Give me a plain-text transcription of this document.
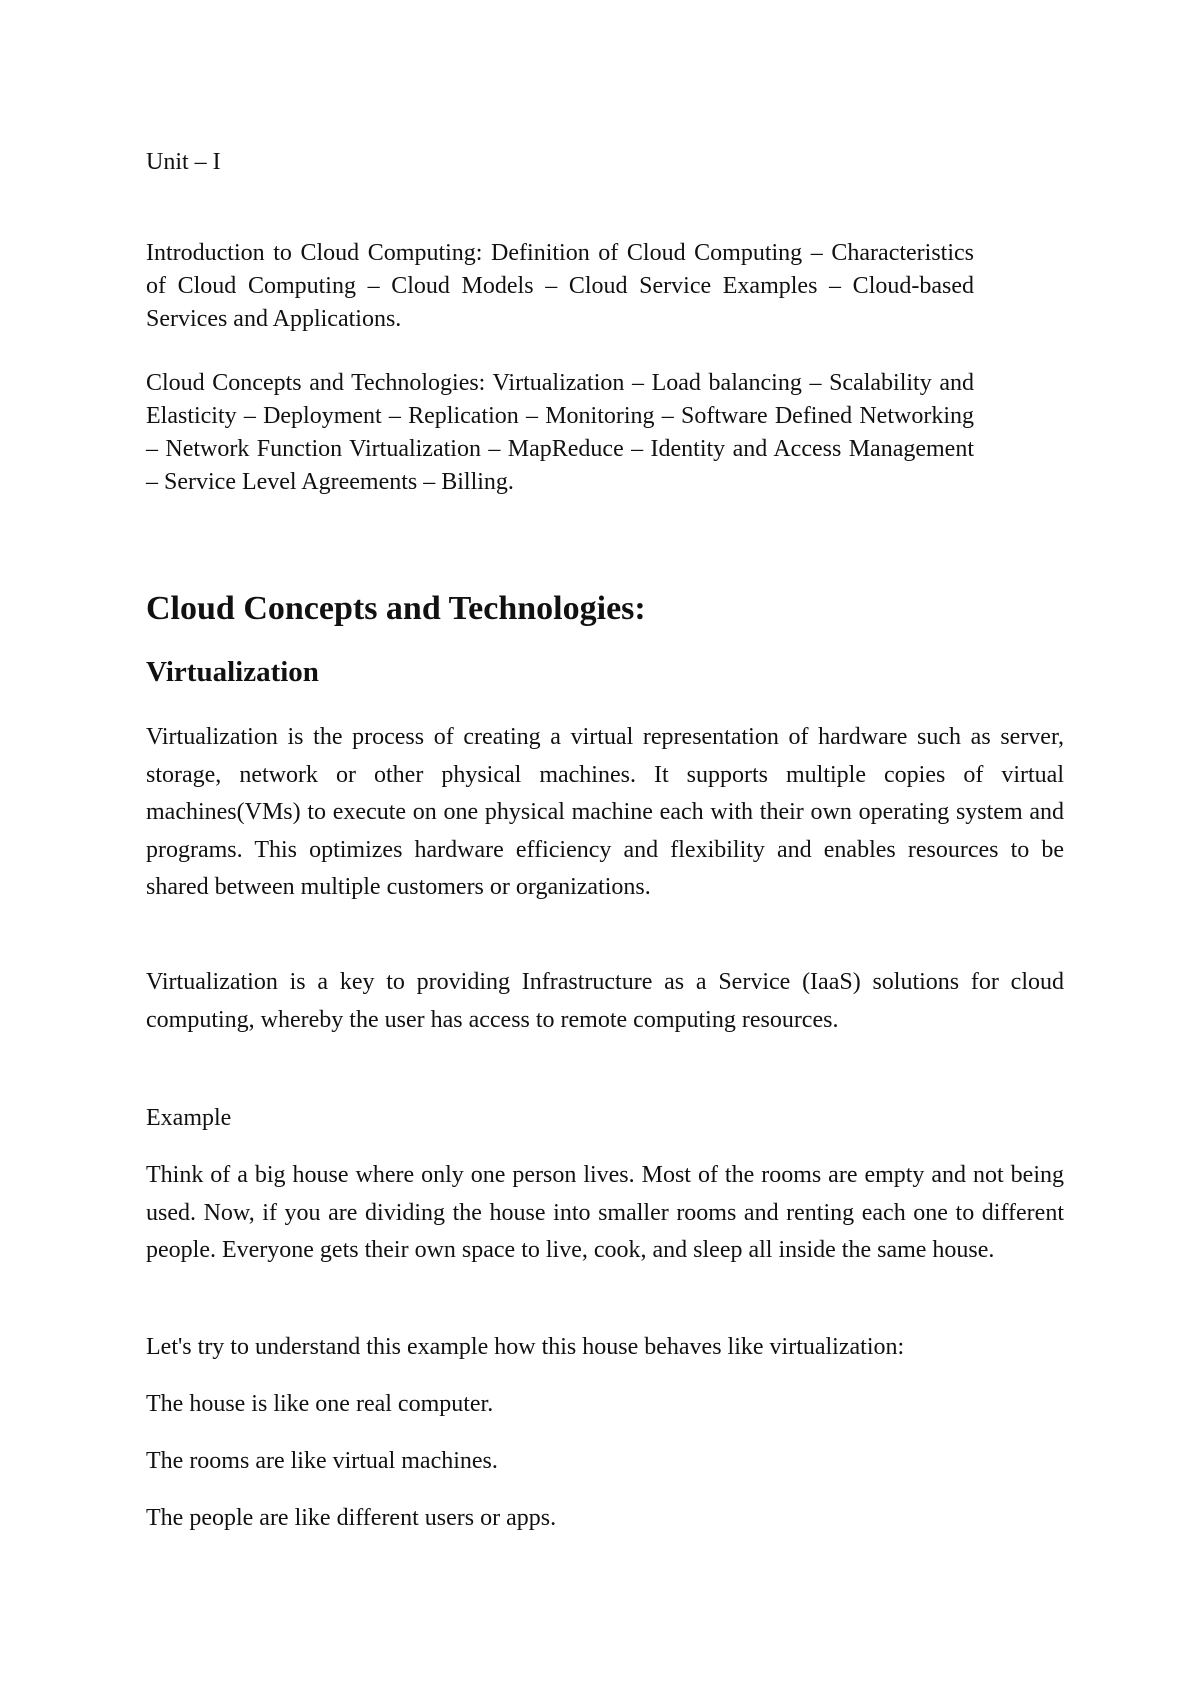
Unit – I

Introduction to Cloud Computing: Definition of Cloud Computing – Characteristics of Cloud Computing – Cloud Models – Cloud Service Examples – Cloud-based Services and Applications.

Cloud Concepts and Technologies: Virtualization – Load balancing – Scalability and Elasticity – Deployment – Replication – Monitoring – Software Defined Networking – Network Function Virtualization – MapReduce – Identity and Access Management – Service Level Agreements – Billing.

Cloud Concepts and Technologies:
Virtualization

Virtualization is the process of creating a virtual representation of hardware such as server, storage, network or other physical machines. It supports multiple copies of virtual machines(VMs) to execute on one physical machine each with their own operating system and programs. This optimizes hardware efficiency and flexibility and enables resources to be shared between multiple customers or organizations.

Virtualization is a key to providing Infrastructure as a Service (IaaS) solutions for cloud computing, whereby the user has access to remote computing resources.

Example

Think of a big house where only one person lives. Most of the rooms are empty and not being used. Now, if you are dividing the house into smaller rooms and renting each one to different people. Everyone gets their own space to live, cook, and sleep all inside the same house.

Let's try to understand this example how this house behaves like virtualization:

The house is like one real computer.

The rooms are like virtual machines.

The people are like different users or apps.
